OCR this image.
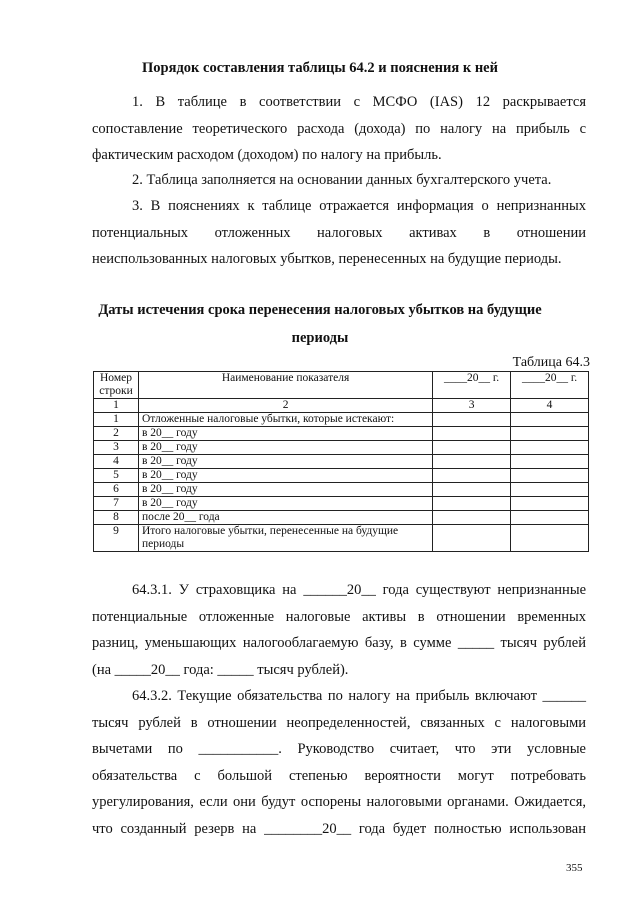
Порядок составления таблицы 64.2 и пояснения к ней
1. В таблице в соответствии с МСФО (IAS) 12 раскрывается
сопоставление теоретического расхода (дохода) по налогу на прибыль с
фактическим расходом (доходом) по налогу на прибыль.
2. Таблица заполняется на основании данных бухгалтерского учета.
3. В пояснениях к таблице отражается информация о непризнанных
потенциальных отложенных налоговых активах в отношении
неиспользованных налоговых убытков, перенесенных на будущие периоды.
Даты истечения срока перенесения налоговых убытков на будущие
периоды
Таблица 64.3
Номер строки	Наименование показателя	____20__ г.	____20__ г.
1	2	3	4
1	Отложенные налоговые убытки, которые истекают:		
2	в 20__ году		
3	в 20__ году		
4	в 20__ году		
5	в 20__ году		
6	в 20__ году		
7	в 20__ году		
8	после 20__ года		
9	Итого налоговые убытки, перенесенные на будущие периоды		
64.3.1. У страховщика на ______20__ года существуют непризнанные
потенциальные отложенные налоговые активы в отношении временных
разниц, уменьшающих налогооблагаемую базу, в сумме _____ тысяч рублей
(на _____20__ года: _____ тысяч рублей).
64.3.2. Текущие обязательства по налогу на прибыль включают ______
тысяч рублей в отношении неопределенностей, связанных с налоговыми
вычетами по ___________. Руководство считает, что эти условные
обязательства с большой степенью вероятности могут потребовать
урегулирования, если они будут оспорены налоговыми органами. Ожидается,
что созданный резерв на ________20__ года будет полностью использован
355
